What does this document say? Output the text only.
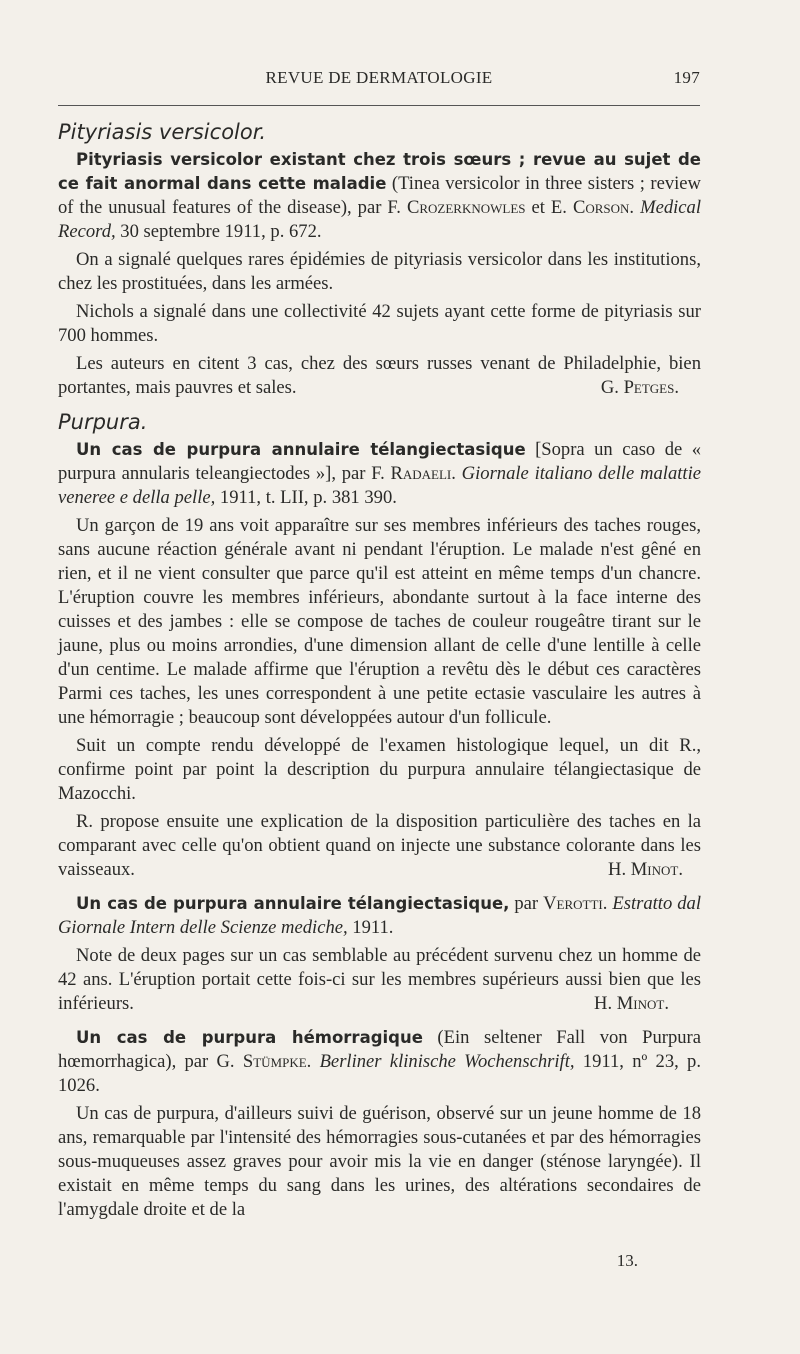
REVUE DE DERMATOLOGIE	197
Pityriasis versicolor.

Pityriasis versicolor existant chez trois sœurs ; revue au sujet de ce fait anormal dans cette maladie (Tinea versicolor in three sisters ; review of the unusual features of the disease), par F. Crozerknowles et E. Corson. Medical Record, 30 septembre 1911, p. 672.

On a signalé quelques rares épidémies de pityriasis versicolor dans les institutions, chez les prostituées, dans les armées.

Nichols a signalé dans une collectivité 42 sujets ayant cette forme de pityriasis sur 700 hommes.

Les auteurs en citent 3 cas, chez des sœurs russes venant de Philadelphie, bien portantes, mais pauvres et sales.	G. Petges.

Purpura.

Un cas de purpura annulaire télangiectasique [Sopra un caso de « purpura annularis teleangiectodes »], par F. Radaeli. Giornale italiano delle malattie veneree e della pelle, 1911, t. LII, p. 381 390.

Un garçon de 19 ans voit apparaître sur ses membres inférieurs des taches rouges, sans aucune réaction générale avant ni pendant l'éruption. Le malade n'est gêné en rien, et il ne vient consulter que parce qu'il est atteint en même temps d'un chancre. L'éruption couvre les membres inférieurs, abondante surtout à la face interne des cuisses et des jambes : elle se compose de taches de couleur rougeâtre tirant sur le jaune, plus ou moins arrondies, d'une dimension allant de celle d'une lentille à celle d'un centime. Le malade affirme que l'éruption a revêtu dès le début ces caractères Parmi ces taches, les unes correspondent à une petite ectasie vasculaire les autres à une hémorragie ; beaucoup sont développées autour d'un follicule.

Suit un compte rendu développé de l'examen histologique lequel, un dit R., confirme point par point la description du purpura annulaire télangiectasique de Mazocchi.

R. propose ensuite une explication de la disposition particulière des taches en la comparant avec celle qu'on obtient quand on injecte une substance colorante dans les vaisseaux.	H. Minot.

Un cas de purpura annulaire télangiectasique, par Verotti. Estratto dal Giornale Intern delle Scienze mediche, 1911.

Note de deux pages sur un cas semblable au précédent survenu chez un homme de 42 ans. L'éruption portait cette fois-ci sur les membres supérieurs aussi bien que les inférieurs.	H. Minot.

Un cas de purpura hémorragique (Ein seltener Fall von Purpura hœmorrhagica), par G. Stümpke. Berliner klinische Wochenschrift, 1911, nº 23, p. 1026.

Un cas de purpura, d'ailleurs suivi de guérison, observé sur un jeune homme de 18 ans, remarquable par l'intensité des hémorragies sous-cutanées et par des hémorragies sous-muqueuses assez graves pour avoir mis la vie en danger (sténose laryngée). Il existait en même temps du sang dans les urines, des altérations secondaires de l'amygdale droite et de la

13.
